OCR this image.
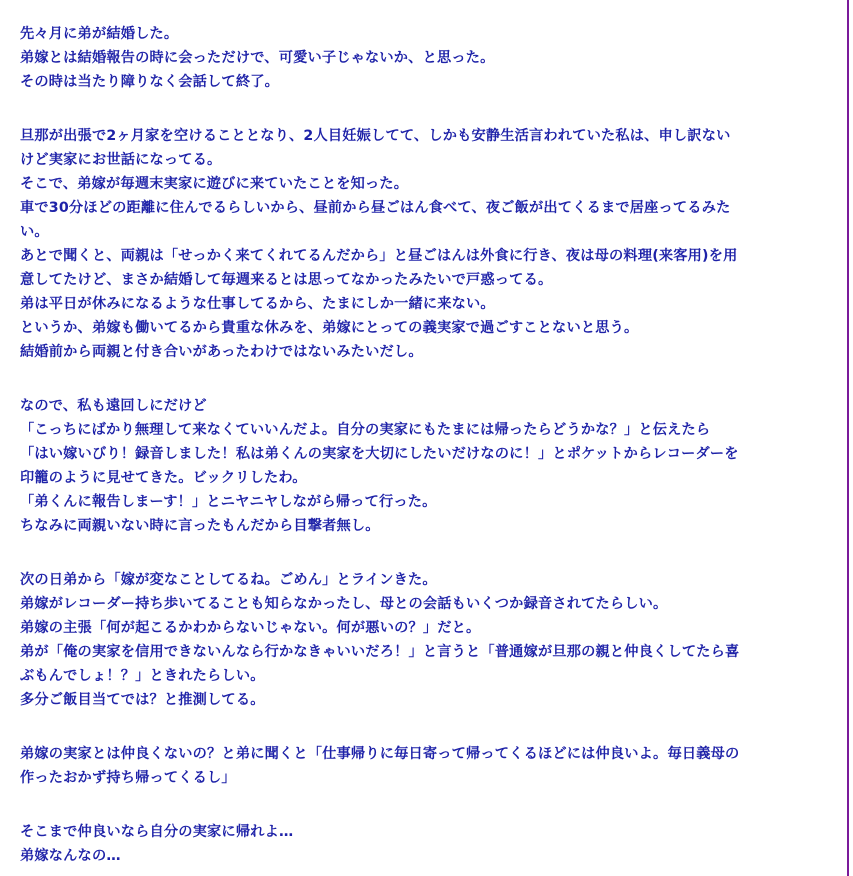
先々月に弟が結婚した。
弟嫁とは結婚報告の時に会っただけで、可愛い子じゃないか、と思った。
その時は当たり障りなく会話して終了。
旦那が出張で2ヶ月家を空けることとなり、2人目妊娠してて、しかも安静生活言われていた私は、申し訳ない
けど実家にお世話になってる。
そこで、弟嫁が毎週末実家に遊びに来ていたことを知った。
車で30分ほどの距離に住んでるらしいから、昼前から昼ごはん食べて、夜ご飯が出てくるまで居座ってるみた
い。
あとで聞くと、両親は「せっかく来てくれてるんだから」と昼ごはんは外食に行き、夜は母の料理(来客用)を用
意してたけど、まさか結婚して毎週来るとは思ってなかったみたいで戸惑ってる。
弟は平日が休みになるような仕事してるから、たまにしか一緒に来ない。
というか、弟嫁も働いてるから貴重な休みを、弟嫁にとっての義実家で過ごすことないと思う。
結婚前から両親と付き合いがあったわけではないみたいだし。
なので、私も遠回しにだけど
「こっちにばかり無理して来なくていいんだよ。自分の実家にもたまには帰ったらどうかな？」と伝えたら
「はい嫁いびり！録音しました！私は弟くんの実家を大切にしたいだけなのに！」とポケットからレコーダーを
印籠のように見せてきた。ビックリしたわ。
「弟くんに報告しまーす！」とニヤニヤしながら帰って行った。
ちなみに両親いない時に言ったもんだから目撃者無し。
次の日弟から「嫁が変なことしてるね。ごめん」とラインきた。
弟嫁がレコーダー持ち歩いてることも知らなかったし、母との会話もいくつか録音されてたらしい。
弟嫁の主張「何が起こるかわからないじゃない。何が悪いの？」だと。
弟が「俺の実家を信用できないんなら行かなきゃいいだろ！」と言うと「普通嫁が旦那の親と仲良くしてたら喜
ぶもんでしょ！？」ときれたらしい。
多分ご飯目当てでは？と推測してる。
弟嫁の実家とは仲良くないの？と弟に聞くと「仕事帰りに毎日寄って帰ってくるほどには仲良いよ。毎日義母の
作ったおかず持ち帰ってくるし」
そこまで仲良いなら自分の実家に帰れよ…
弟嫁なんなの…
